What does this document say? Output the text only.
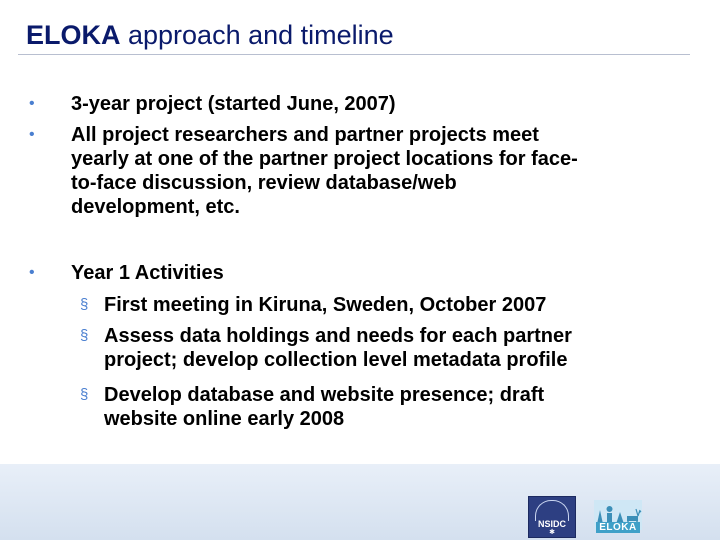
ELOKA approach and timeline
• 3-year project (started June, 2007)
• All project researchers and partner projects meet
yearly at one of the partner project locations for face-
to-face discussion, review database/web
development, etc.
• Year 1 Activities
§ First meeting in Kiruna, Sweden, October 2007
§ Assess data holdings and needs for each partner
project; develop collection level metadata profile
§ Develop database and website presence; draft
website online early 2008
NSIDC
✱	ELOKA
